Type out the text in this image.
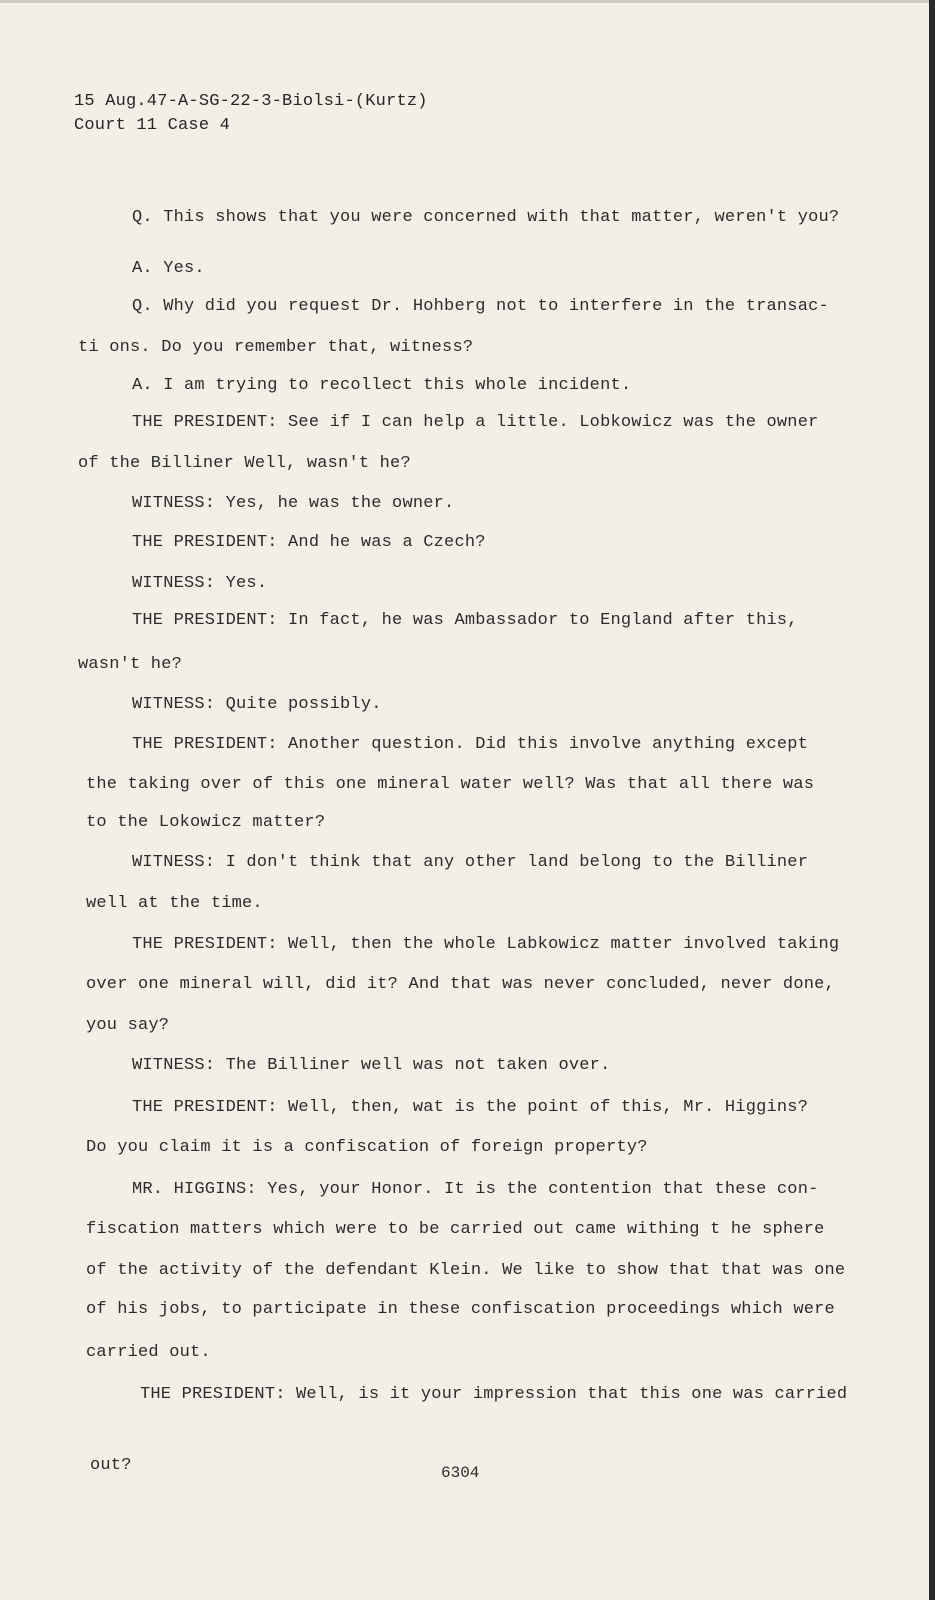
15 Aug.47-A-SG-22-3-Biolsi-(Kurtz)

Court 11 Case 4

Q. This shows that you were concerned with that matter, weren't you?

A. Yes.

Q. Why did you request Dr. Hohberg not to interfere in the transac-

ti ons. Do you remember that, witness?

A. I am trying to recollect this whole incident.

THE PRESIDENT: See if I can help a little. Lobkowicz was the owner

of the Billiner Well, wasn't he?

WITNESS: Yes, he was the owner.

THE PRESIDENT: And he was a Czech?

WITNESS: Yes.

THE PRESIDENT: In fact, he was Ambassador to England after this,

wasn't he?

WITNESS: Quite possibly.

THE PRESIDENT: Another question. Did this involve anything except

the taking over of this one mineral water well? Was that all there was

to the Lokowicz matter?

WITNESS: I don't think that any other land belong to the Billiner

well at the time.

THE PRESIDENT: Well, then the whole Labkowicz matter involved taking

over one mineral will, did it? And that was never concluded, never done,

you say?

WITNESS: The Billiner well was not taken over.

THE PRESIDENT: Well, then, wat is the point of this, Mr. Higgins?

Do you claim it is a confiscation of foreign property?

MR. HIGGINS: Yes, your Honor. It is the contention that these con-

fiscation matters which were to be carried out came withing t he sphere

of the activity of the defendant Klein. We like to show that that was one

of his jobs, to participate in these confiscation proceedings which were

carried out.

THE PRESIDENT: Well, is it your impression that this one was carried

out?	6304
